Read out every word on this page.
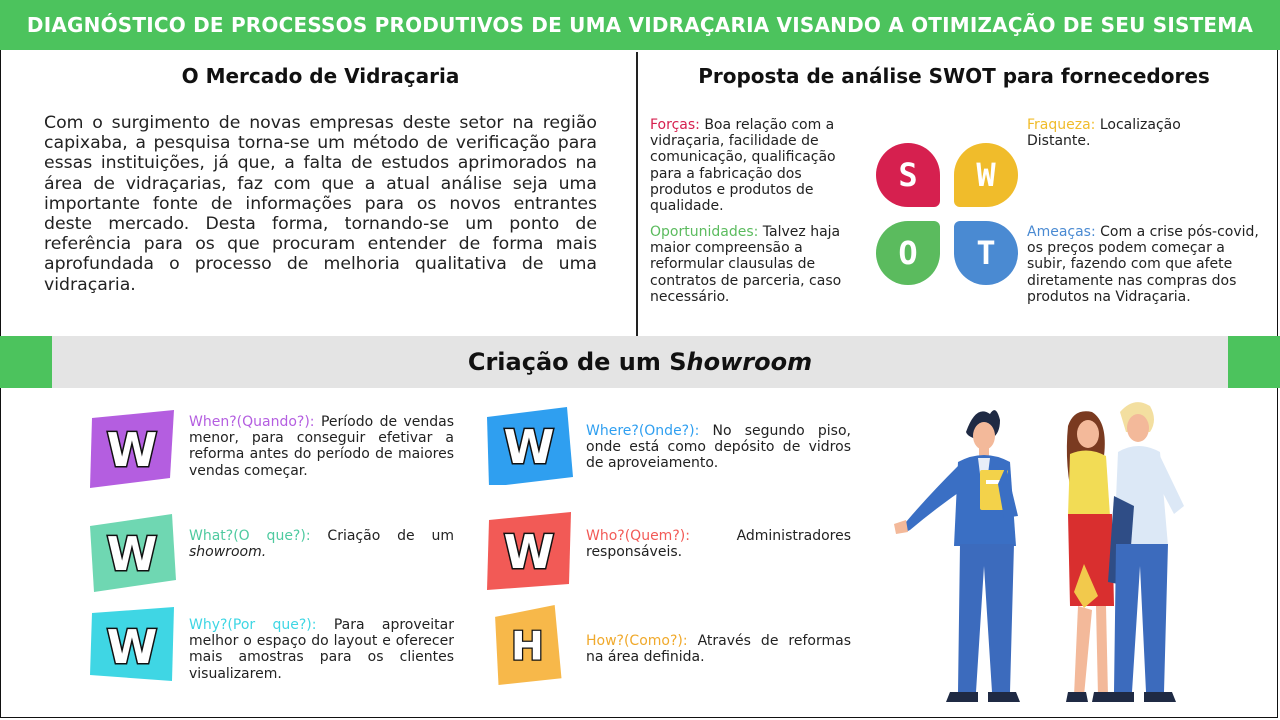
DIAGNÓSTICO DE PROCESSOS PRODUTIVOS DE UMA VIDRAÇARIA VISANDO A OTIMIZAÇÃO DE SEU SISTEMA
O Mercado de Vidraçaria

Com o surgimento de novas empresas deste setor na região capixaba, a pesquisa torna-se um método de verificação para essas instituições, já que, a falta de estudos aprimorados na área de vidraçarias, faz com que a atual análise seja uma importante fonte de informações para os novos entrantes deste mercado. Desta forma, tornando-se um ponto de referência para os que procuram entender de forma mais aprofundada o processo de melhoria qualitativa de uma vidraçaria.

Proposta de análise SWOT para fornecedores

Forças: Boa relação com a vidraçaria, facilidade de comunicação, qualificação para a fabricação dos produtos e produtos de qualidade.

Oportunidades: Talvez haja maior compreensão a reformular clausulas de contratos de parceria, caso necessário.

Fraqueza: Localização Distante.

Ameaças: Com a crise pós-covid, os preços podem começar a subir, fazendo com que afete diretamente nas compras dos produtos na Vidraçaria.

S	W
O	T
Criação de um Showroom
W
W
W
W
W
H

When?(Quando?): Período de vendas menor, para conseguir efetivar a reforma antes do período de maiores vendas começar.

What?(O que?): Criação de um showroom.

Why?(Por que?): Para aproveitar melhor o espaço do layout e oferecer mais amostras para os clientes visualizarem.

Where?(Onde?): No segundo piso, onde está como depósito de vidros de aproveiamento.

Who?(Quem?):	Administradores responsáveis.

How?(Como?): Através de reformas na área definida.
